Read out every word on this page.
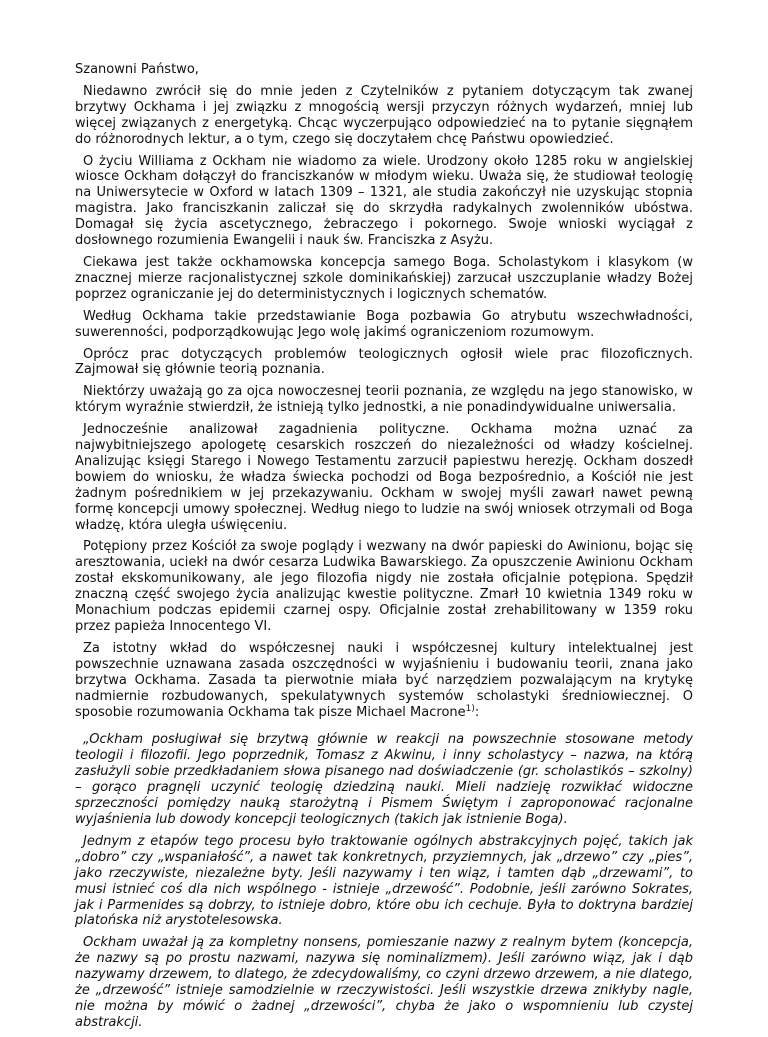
Szanowni Państwo,

Niedawno zwrócił się do mnie jeden z Czytelników z pytaniem dotyczącym tak zwanej brzytwy Ockhama i jej związku z mnogością wersji przyczyn różnych wydarzeń, mniej lub więcej związanych z energetyką. Chcąc wyczerpująco odpowiedzieć na to pytanie sięgnąłem do różnorodnych lektur, a o tym, czego się doczytałem chcę Państwu opowiedzieć.

O życiu Williama z Ockham nie wiadomo za wiele. Urodzony około 1285 roku w angielskiej wiosce Ockham dołączył do franciszkanów w młodym wieku. Uważa się, że studiował teologię na Uniwersytecie w Oxford w latach 1309 – 1321, ale studia zakończył nie uzyskując stopnia magistra. Jako franciszkanin zaliczał się do skrzydła radykalnych zwolenników ubóstwa. Domagał się życia ascetycznego, żebraczego i pokornego. Swoje wnioski wyciągał z dosłownego rozumienia Ewangelii i nauk św. Franciszka z Asyżu.

Ciekawa jest także ockhamowska koncepcja samego Boga. Scholastykom i klasykom (w znacznej mierze racjonalistycznej szkole dominikańskiej) zarzucał uszczuplanie władzy Bożej poprzez ograniczanie jej do deterministycznych i logicznych schematów.

Według Ockhama takie przedstawianie Boga pozbawia Go atrybutu wszechwładności, suwerenności, podporządkowując Jego wolę jakimś ograniczeniom rozumowym.

Oprócz prac dotyczących problemów teologicznych ogłosił wiele prac filozoficznych. Zajmował się głównie teorią poznania.

Niektórzy uważają go za ojca nowoczesnej teorii poznania, ze względu na jego stanowisko, w którym wyraźnie stwierdził, że istnieją tylko jednostki, a nie ponadindywidualne uniwersalia.

Jednocześnie analizował zagadnienia polityczne. Ockhama można uznać za najwybitniejszego apologetę cesarskich roszczeń do niezależności od władzy kościelnej. Analizując księgi Starego i Nowego Testamentu zarzucił papiestwu herezję. Ockham doszedł bowiem do wniosku, że władza świecka pochodzi od Boga bezpośrednio, a Kościół nie jest żadnym pośrednikiem w jej przekazywaniu. Ockham w swojej myśli zawarł nawet pewną formę koncepcji umowy społecznej. Według niego to ludzie na swój wniosek otrzymali od Boga władzę, która uległa uświęceniu.

Potępiony przez Kościół za swoje poglądy i wezwany na dwór papieski do Awinionu, bojąc się aresztowania, uciekł na dwór cesarza Ludwika Bawarskiego. Za opuszczenie Awinionu Ockham został ekskomunikowany, ale jego filozofia nigdy nie została oficjalnie potępiona. Spędził znaczną część swojego życia analizując kwestie polityczne. Zmarł 10 kwietnia 1349 roku w Monachium podczas epidemii czarnej ospy. Oficjalnie został zrehabilitowany w 1359 roku przez papieża Innocentego VI.

Za istotny wkład do współczesnej nauki i współczesnej kultury intelektualnej jest powszechnie uznawana zasada oszczędności w wyjaśnieniu i budowaniu teorii, znana jako brzytwa Ockhama. Zasada ta pierwotnie miała być narzędziem pozwalającym na krytykę nadmiernie rozbudowanych, spekulatywnych systemów scholastyki średniowiecznej. O sposobie rozumowania Ockhama tak pisze Michael Macrone$^{1)}$:

„Ockham posługiwał się brzytwą głównie w reakcji na powszechnie stosowane metody teologii i filozofii. Jego poprzednik, Tomasz z Akwinu, i inny scholastycy – nazwa, na którą zasłużyli sobie przedkładaniem słowa pisanego nad doświadczenie (gr. scholastikós – szkolny) – gorąco pragnęli uczynić teologię dziedziną nauki. Mieli nadzieję rozwikłać widoczne sprzeczności pomiędzy nauką starożytną i Pismem Świętym i zaproponować racjonalne wyjaśnienia lub dowody koncepcji teologicznych (takich jak istnienie Boga).

Jednym z etapów tego procesu było traktowanie ogólnych abstrakcyjnych pojęć, takich jak „dobro” czy „wspaniałość”, a nawet tak konkretnych, przyziemnych, jak „drzewo” czy „pies”, jako rzeczywiste, niezależne byty. Jeśli nazywamy i ten wiąz, i tamten dąb „drzewami”, to musi istnieć coś dla nich wspólnego - istnieje „drzewość”. Podobnie, jeśli zarówno Sokrates, jak i Parmenides są dobrzy, to istnieje dobro, które obu ich cechuje. Była to doktryna bardziej platońska niż arystotelesowska.

Ockham uważał ją za kompletny nonsens, pomieszanie nazwy z realnym bytem (koncepcja, że nazwy są po prostu nazwami, nazywa się nominalizmem). Jeśli zarówno wiąz, jak i dąb nazywamy drzewem, to dlatego, że zdecydowaliśmy, co czyni drzewo drzewem, a nie dlatego, że „drzewość” istnieje samodzielnie w rzeczywistości. Jeśli wszystkie drzewa znikłyby nagle, nie można by mówić o żadnej „drzewości”, chyba że jako o wspomnieniu lub czystej abstrakcji.
